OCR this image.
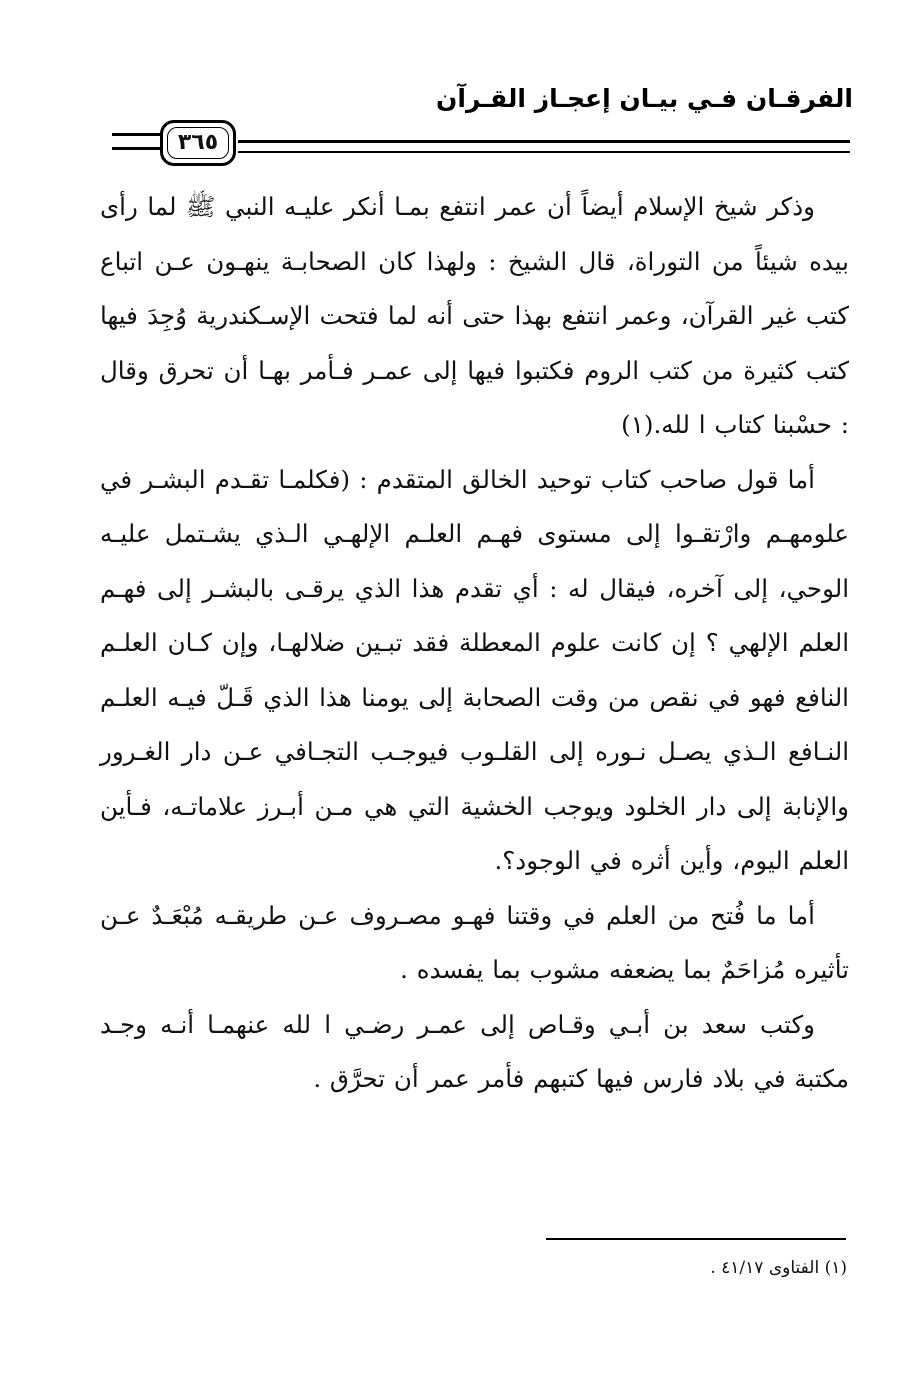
الفرقـان فـي بيـان إعجـاز القـرآن
٣٦٥

وذكر شيخ الإسلام أيضاً أن عمر انتفع بمـا أنكر عليـه النبي ﷺ لما رأى بيده شيئاً من التوراة، قال الشيخ : ولهذا كان الصحابـة ينهـون عـن اتباع كتب غير القرآن، وعمر انتفع بهذا حتى أنه لما فتحت الإسـكندرية وُجِدَ فيها كتب كثيرة من كتب الروم فكتبوا فيها إلى عمـر فـأمر بهـا أن تحرق وقال : حسْبنا كتاب ا لله.(١)

أما قول صاحب كتاب توحيد الخالق المتقدم : (فكلمـا تقـدم البشـر في علومهـم وارْتقـوا إلى مستوى فهـم العلـم الإلهـي الـذي يشـتمل عليـه الوحي، إلى آخره، فيقال له : أي تقدم هذا الذي يرقـى بالبشـر إلى فهـم العلم الإلهي ؟ إن كانت علوم المعطلة فقد تبـين ضلالهـا، وإن كـان العلـم النافع فهو في نقص من وقت الصحابة إلى يومنا هذا الذي قَـلّ فيـه العلـم النـافع الـذي يصـل نـوره إلى القلـوب فيوجـب التجـافي عـن دار الغـرور والإنابة إلى دار الخلود ويوجب الخشية التي هي مـن أبـرز علاماتـه، فـأين العلم اليوم، وأين أثره في الوجود؟.

أما ما فُتح من العلم في وقتنا فهـو مصـروف عـن طريقـه مُبْعَـدٌ عـن تأثيره مُزاحَمٌ بما يضعفه مشوب بما يفسده .

وكتب سعد بن أبـي وقـاص إلى عمـر رضـي ا لله عنهمـا أنـه وجـد مكتبة في بلاد فارس فيها كتبهم فأمر عمر أن تحرَّق .

(١) الفتاوى ٤١/١٧ .
